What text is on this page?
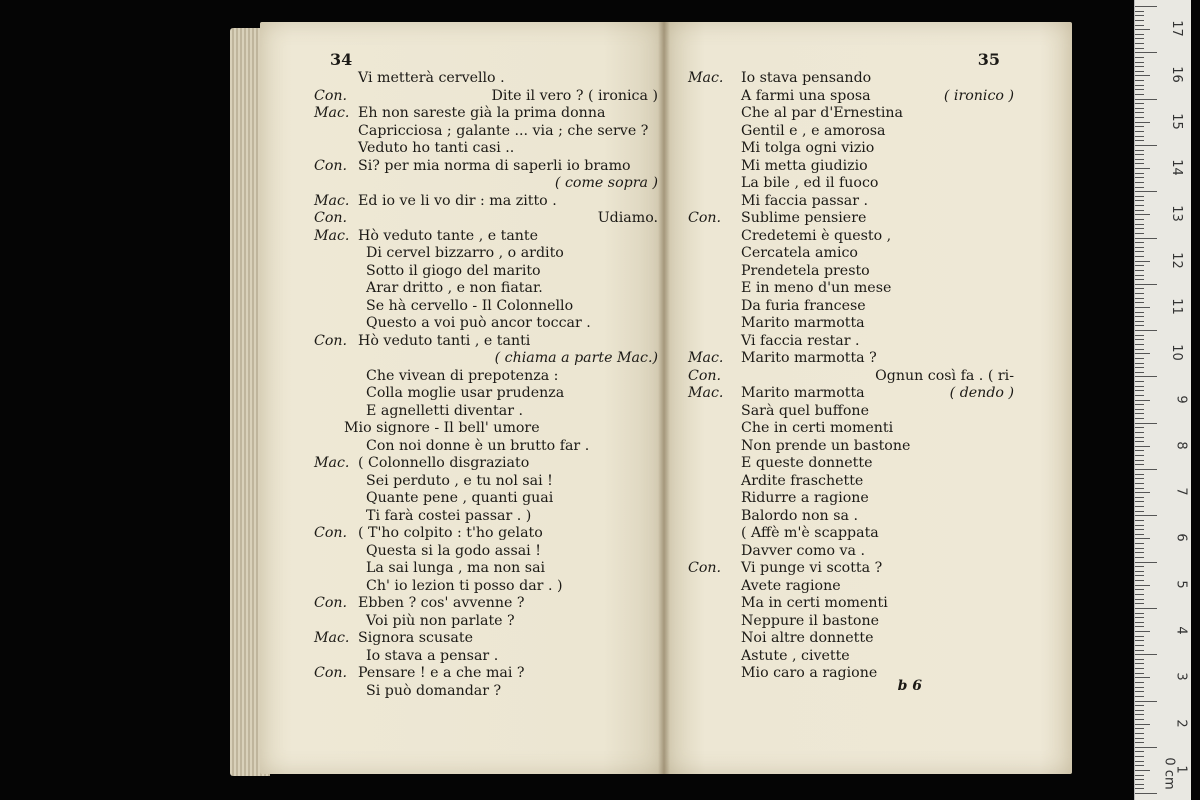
34
Vi metterà cervello .
Con.	Dite il vero ? ( ironica )
Mac. Eh non sareste già la prima donna
Capricciosa ; galante ... via ; che serve ?
Veduto ho tanti casi ..
Con. Si? per mia norma di saperli io bramo
( come sopra )
Mac. Ed io ve li vo dir : ma zitto .
Con.	Udiamo.
Mac. Hò veduto tante , e tante
Di cervel bizzarro , o ardito
Sotto il giogo del marito
Arar dritto , e non fiatar.
Se hà cervello - Il Colonnello
Questo a voi può ancor toccar .
Con. Hò veduto tanti , e tanti
( chiama a parte Mac.)
Che vivean di prepotenza :
Colla moglie usar prudenza
E agnelletti diventar .
Mio signore - Il bell' umore
Con noi donne è un brutto far .
Mac. ( Colonnello disgraziato
Sei perduto , e tu nol sai !
Quante pene , quanti guai
Ti farà costei passar . )
Con. ( T'ho colpito : t'ho gelato
Questa si la godo assai !
La sai lunga , ma non sai
Ch' io lezion ti posso dar . )
Con. Ebben ? cos' avvenne ?
Voi più non parlate ?
Mac. Signora scusate
Io stava a pensar .
Con. Pensare ! e a che mai ?
Si può domandar ?
35
Mac. Io stava pensando
A farmi una sposa	( ironico )
Che al par d'Ernestina
Gentil e , e amorosa
Mi tolga ogni vizio
Mi metta giudizio
La bile , ed il fuoco
Mi faccia passar .
Con. Sublime pensiere
Credetemi è questo ,
Cercatela amico
Prendetela presto
E in meno d'un mese
Da furia francese
Marito marmotta
Vi faccia restar .
Mac. Marito marmotta ?
Con.	Ognun così fa . ( ri-
Mac. Marito marmotta	( dendo )
Sarà quel buffone
Che in certi momenti
Non prende un bastone
E queste donnette
Ardite fraschette
Ridurre a ragione
Balordo non sa .
( Affè m'è scappata
Davver como va .
Con. Vi punge vi scotta ?
Avete ragione
Ma in certi momenti
Neppure il bastone
Noi altre donnette
Astute , civette
Mio caro a ragione
b 6
17
16
15
14
13
12
11
10
9
8
7
6
5
4
3
2
1
0 cm
